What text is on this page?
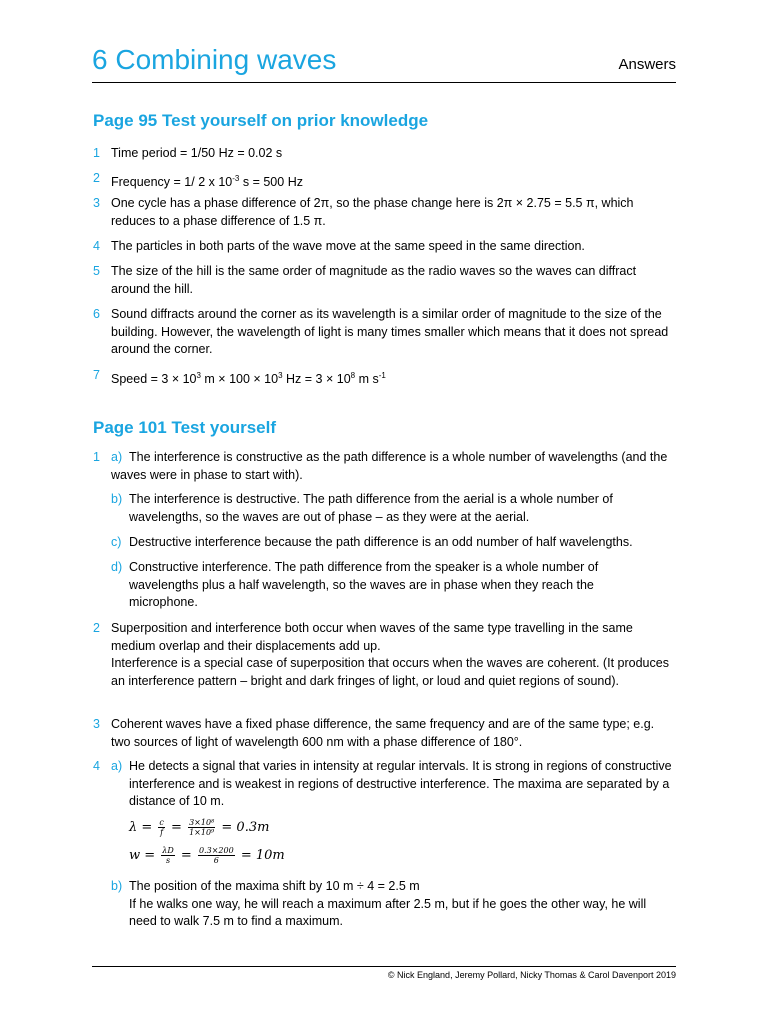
6 Combining waves	Answers
Page 95 Test yourself on prior knowledge
1 Time period = 1/50 Hz = 0.02 s
2 Frequency = 1/ 2 x $10^{-3}$ s = 500 Hz
3 One cycle has a phase difference of 2π, so the phase change here is 2π × 2.75 = 5.5 π, which reduces to a phase difference of 1.5 π.
4 The particles in both parts of the wave move at the same speed in the same direction.
5 The size of the hill is the same order of magnitude as the radio waves so the waves can diffract around the hill.
6 Sound diffracts around the corner as its wavelength is a similar order of magnitude to the size of the building. However, the wavelength of light is many times smaller which means that it does not spread around the corner.
7 Speed = $3 \times 10^3$ $m \times 100 \times 10^3$ $Hz = 3 \times 10^8$ m $s^{-1}$
Page 101 Test yourself
1 a) The interference is constructive as the path difference is a whole number of wavelengths (and the waves were in phase to start with).
b) The interference is destructive. The path difference from the aerial is a whole number of wavelengths, so the waves are out of phase – as they were at the aerial.
c) Destructive interference because the path difference is an odd number of half wavelengths.
d) Constructive interference. The path difference from the speaker is a whole number of wavelengths plus a half wavelength, so the waves are in phase when they reach the microphone.
2 Superposition and interference both occur when waves of the same type travelling in the same medium overlap and their displacements add up.
Interference is a special case of superposition that occurs when the waves are coherent. (It produces an interference pattern – bright and dark fringes of light, or loud and quiet regions of sound).
3 Coherent waves have a fixed phase difference, the same frequency and are of the same type; e.g. two sources of light of wavelength 600 nm with a phase difference of 180°.
4 a) He detects a signal that varies in intensity at regular intervals. It is strong in regions of constructive interference and is weakest in regions of destructive interference. The maxima are separated by a distance of 10 m.
$\lambda = \frac{c}{f} = \frac{\text{3×10⁸}}{\text{1×10⁹}} = 0.3m$
$w = \frac{\lambda D}{s} = \frac{0.3\times 200}{6} = 10m$
b) The position of the maxima shift by 10 m ÷ 4 = 2.5 m
If he walks one way, he will reach a maximum after 2.5 m, but if he goes the other way, he will need to walk 7.5 m to find a maximum.
© Nick England, Jeremy Pollard, Nicky Thomas & Carol Davenport 2019
